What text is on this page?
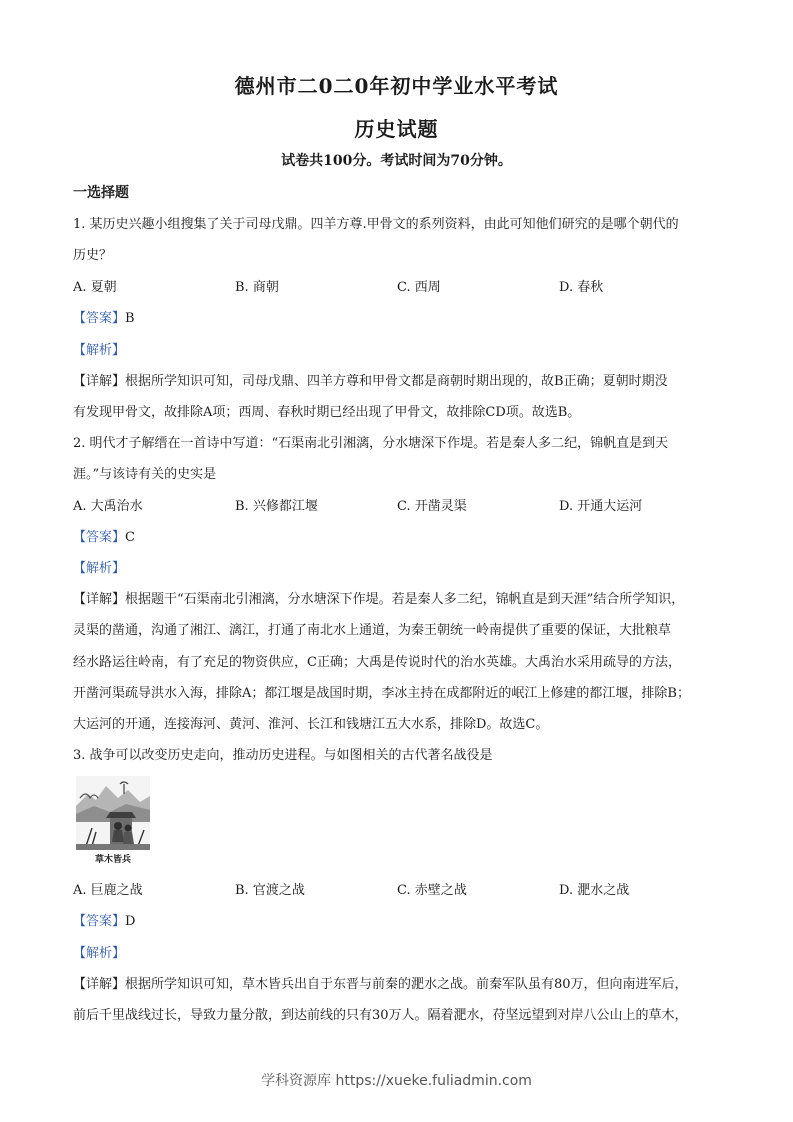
德州市二0二0年初中学业水平考试
历史试题
试卷共100分。考试时间为70分钟。
一选择题
1. 某历史兴趣小组搜集了关于司母戊鼎。四羊方尊.甲骨文的系列资料，由此可知他们研究的是哪个朝代的
历史？
A. 夏朝	B. 商朝	C. 西周	D. 春秋
【答案】B
【解析】
【详解】根据所学知识可知，司母戊鼎、四羊方尊和甲骨文都是商朝时期出现的，故B正确；夏朝时期没
有发现甲骨文，故排除A项；西周、春秋时期已经出现了甲骨文，故排除CD项。故选B。
2. 明代才子解缙在一首诗中写道：“石渠南北引湘漓，分水塘深下作堤。若是秦人多二纪，锦帆直是到天
涯。”与该诗有关的史实是
A. 大禹治水	B. 兴修都江堰	C. 开凿灵渠	D. 开通大运河
【答案】C
【解析】
【详解】根据题干“石渠南北引湘漓，分水塘深下作堤。若是秦人多二纪，锦帆直是到天涯”结合所学知识，
灵渠的凿通，沟通了湘江、漓江，打通了南北水上通道，为秦王朝统一岭南提供了重要的保证，大批粮草
经水路运往岭南，有了充足的物资供应，C正确；大禹是传说时代的治水英雄。大禹治水采用疏导的方法，
开凿河渠疏导洪水入海，排除A；都江堰是战国时期，李冰主持在成都附近的岷江上修建的都江堰，排除B；
大运河的开通，连接海河、黄河、淮河、长江和钱塘江五大水系，排除D。故选C。
3. 战争可以改变历史走向，推动历史进程。与如图相关的古代著名战役是
草木皆兵
A. 巨鹿之战	B. 官渡之战	C. 赤壁之战	D. 淝水之战
【答案】D
【解析】
【详解】根据所学知识可知，草木皆兵出自于东晋与前秦的淝水之战。前秦军队虽有80万，但向南进军后，
前后千里战线过长，导致力量分散，到达前线的只有30万人。隔着淝水，苻坚远望到对岸八公山上的草木，
学科资源库 https://xueke.fuliadmin.com
